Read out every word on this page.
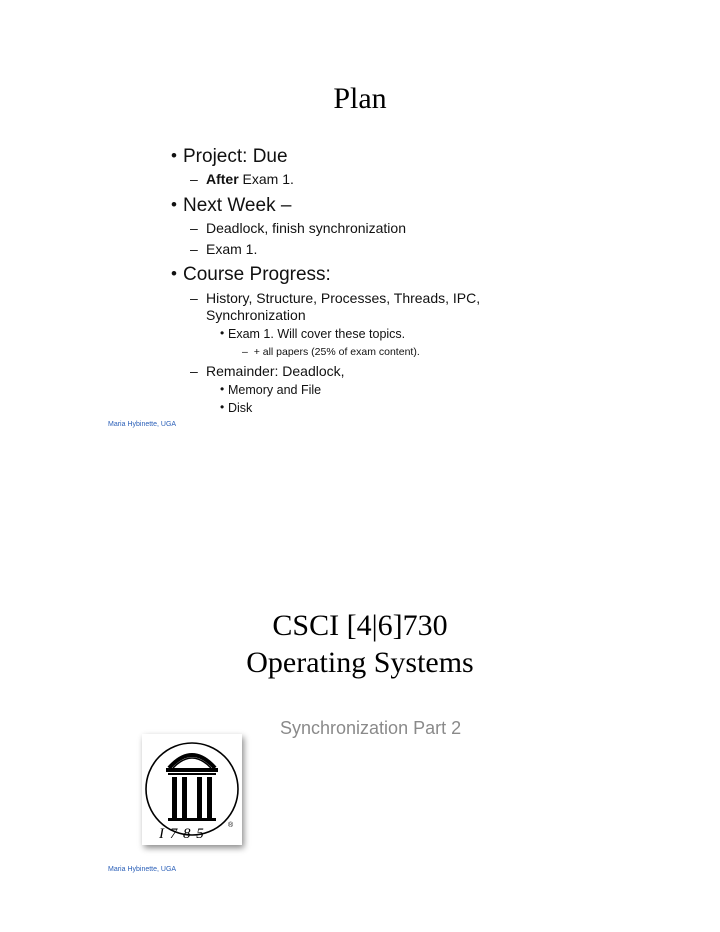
Plan
• Project: Due
– After Exam 1.
• Next Week –
– Deadlock, finish synchronization
– Exam 1.
• Course Progress:
– History, Structure, Processes, Threads, IPC,
Synchronization
• Exam 1. Will cover these topics.
– + all papers (25% of exam content).
– Remainder: Deadlock,
• Memory and File
• Disk
Maria Hybinette, UGA
CSCI [4|6]730
Operating Systems
Synchronization Part 2
I 7 8 5
®
Maria Hybinette, UGA
